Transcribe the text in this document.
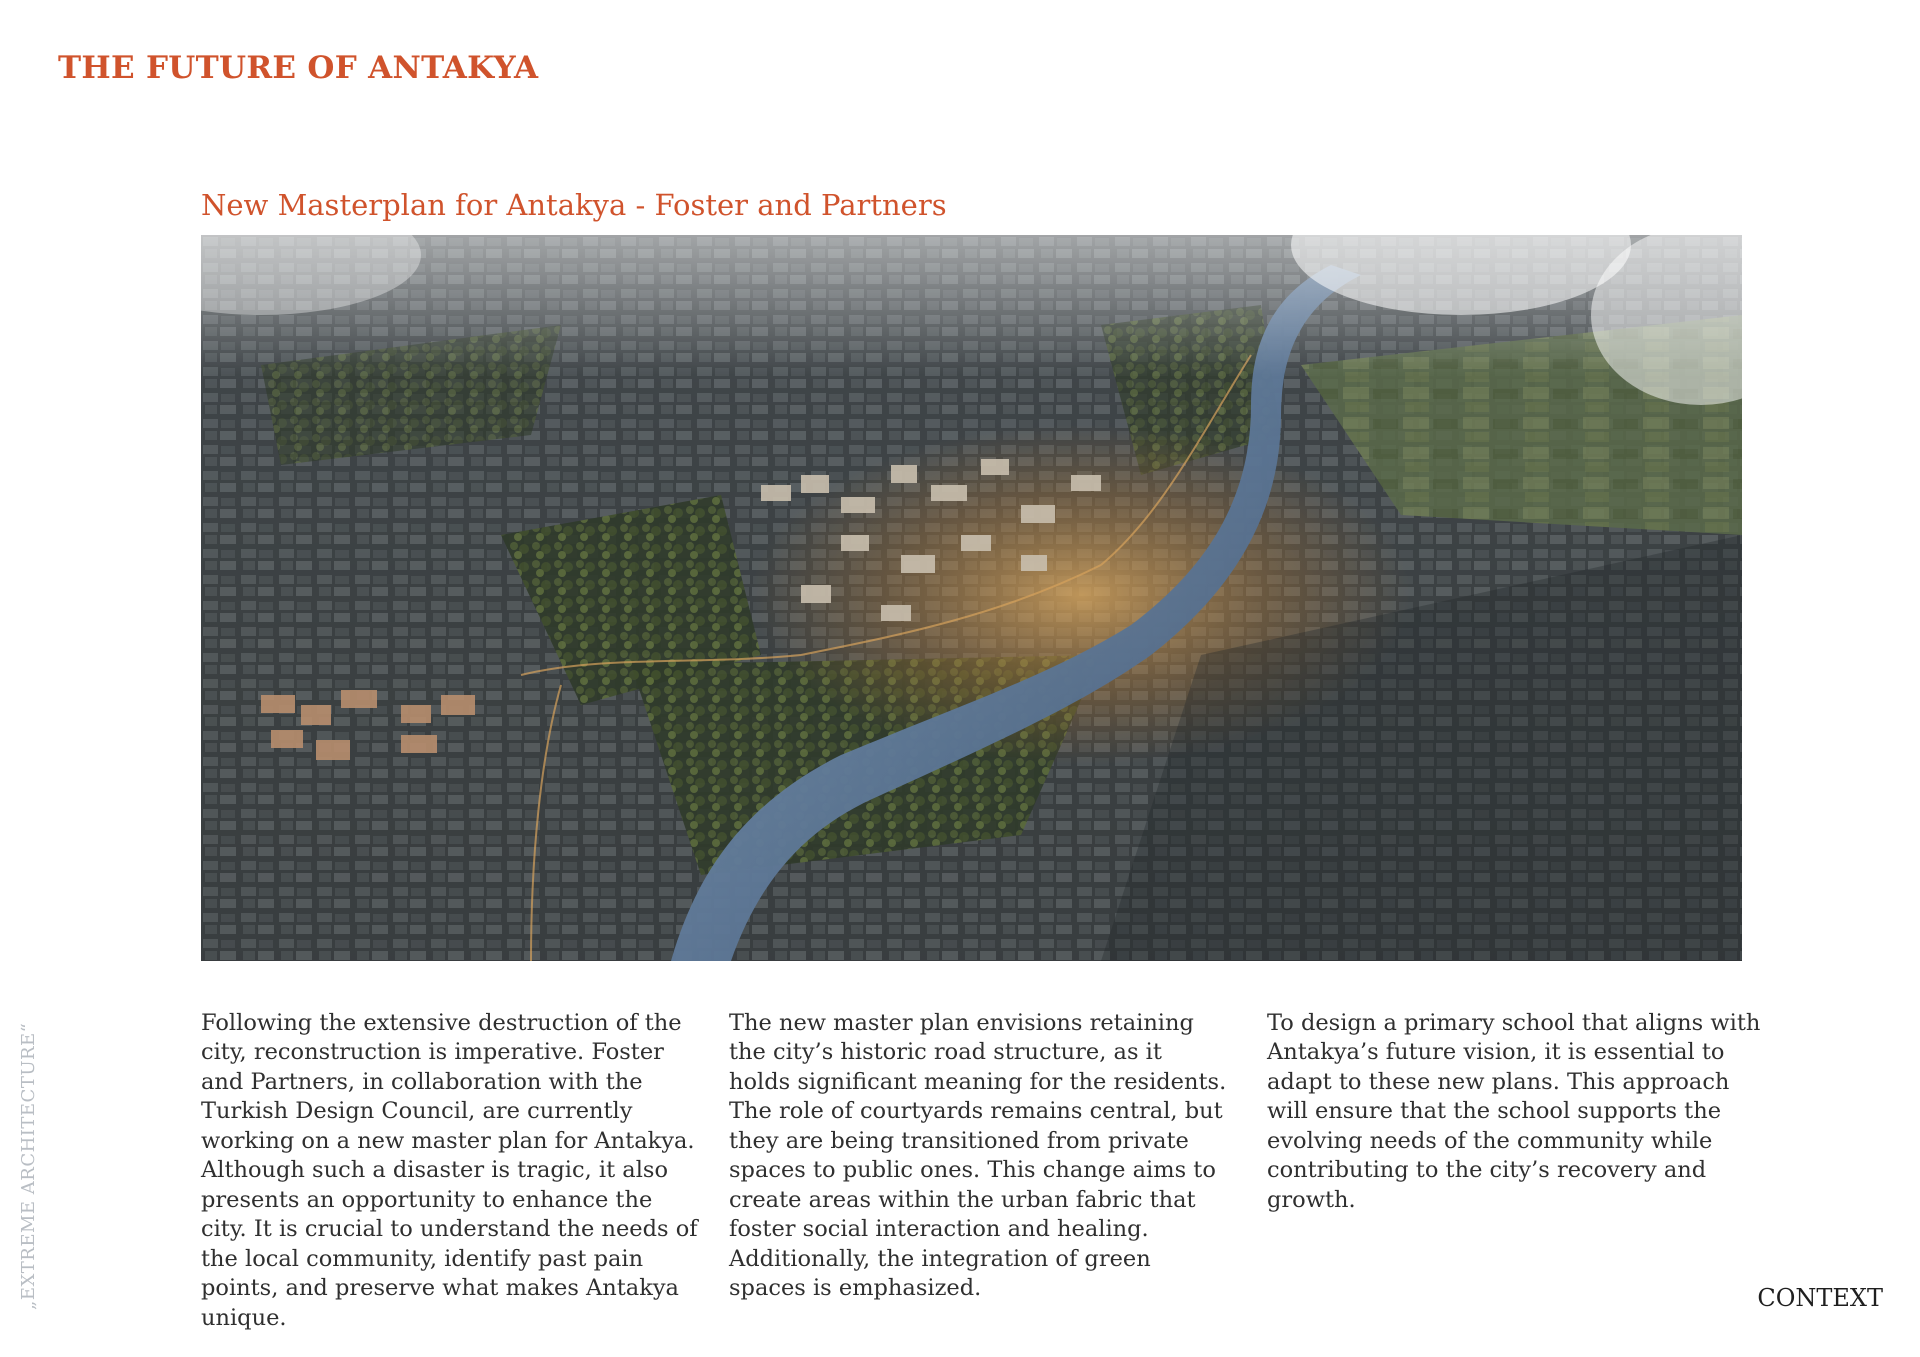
THE FUTURE OF ANTAKYA
New Masterplan for Antakya - Foster and Partners

Following the extensive destruction of the city, reconstruction is imperative. Foster and Partners, in collaboration with the Turkish Design Council, are currently working on a new master plan for Antakya. Although such a disaster is tragic, it also presents an opportunity to enhance the city. It is crucial to understand the needs of the local community, identify past pain points, and preserve what makes Antakya unique.

The new master plan envisions retaining the city’s historic road structure, as it holds significant meaning for the residents. The role of courtyards remains central, but they are being transitioned from private spaces to public ones. This change aims to create areas within the urban fabric that foster social interaction and healing. Additionally, the integration of green spaces is emphasized.

To design a primary school that aligns with Antakya’s future vision, it is essential to adapt to these new plans. This approach will ensure that the school supports the evolving needs of the community while contributing to the city’s recovery and growth.

„EXTREME ARCHITECTURE“	CONTEXT
